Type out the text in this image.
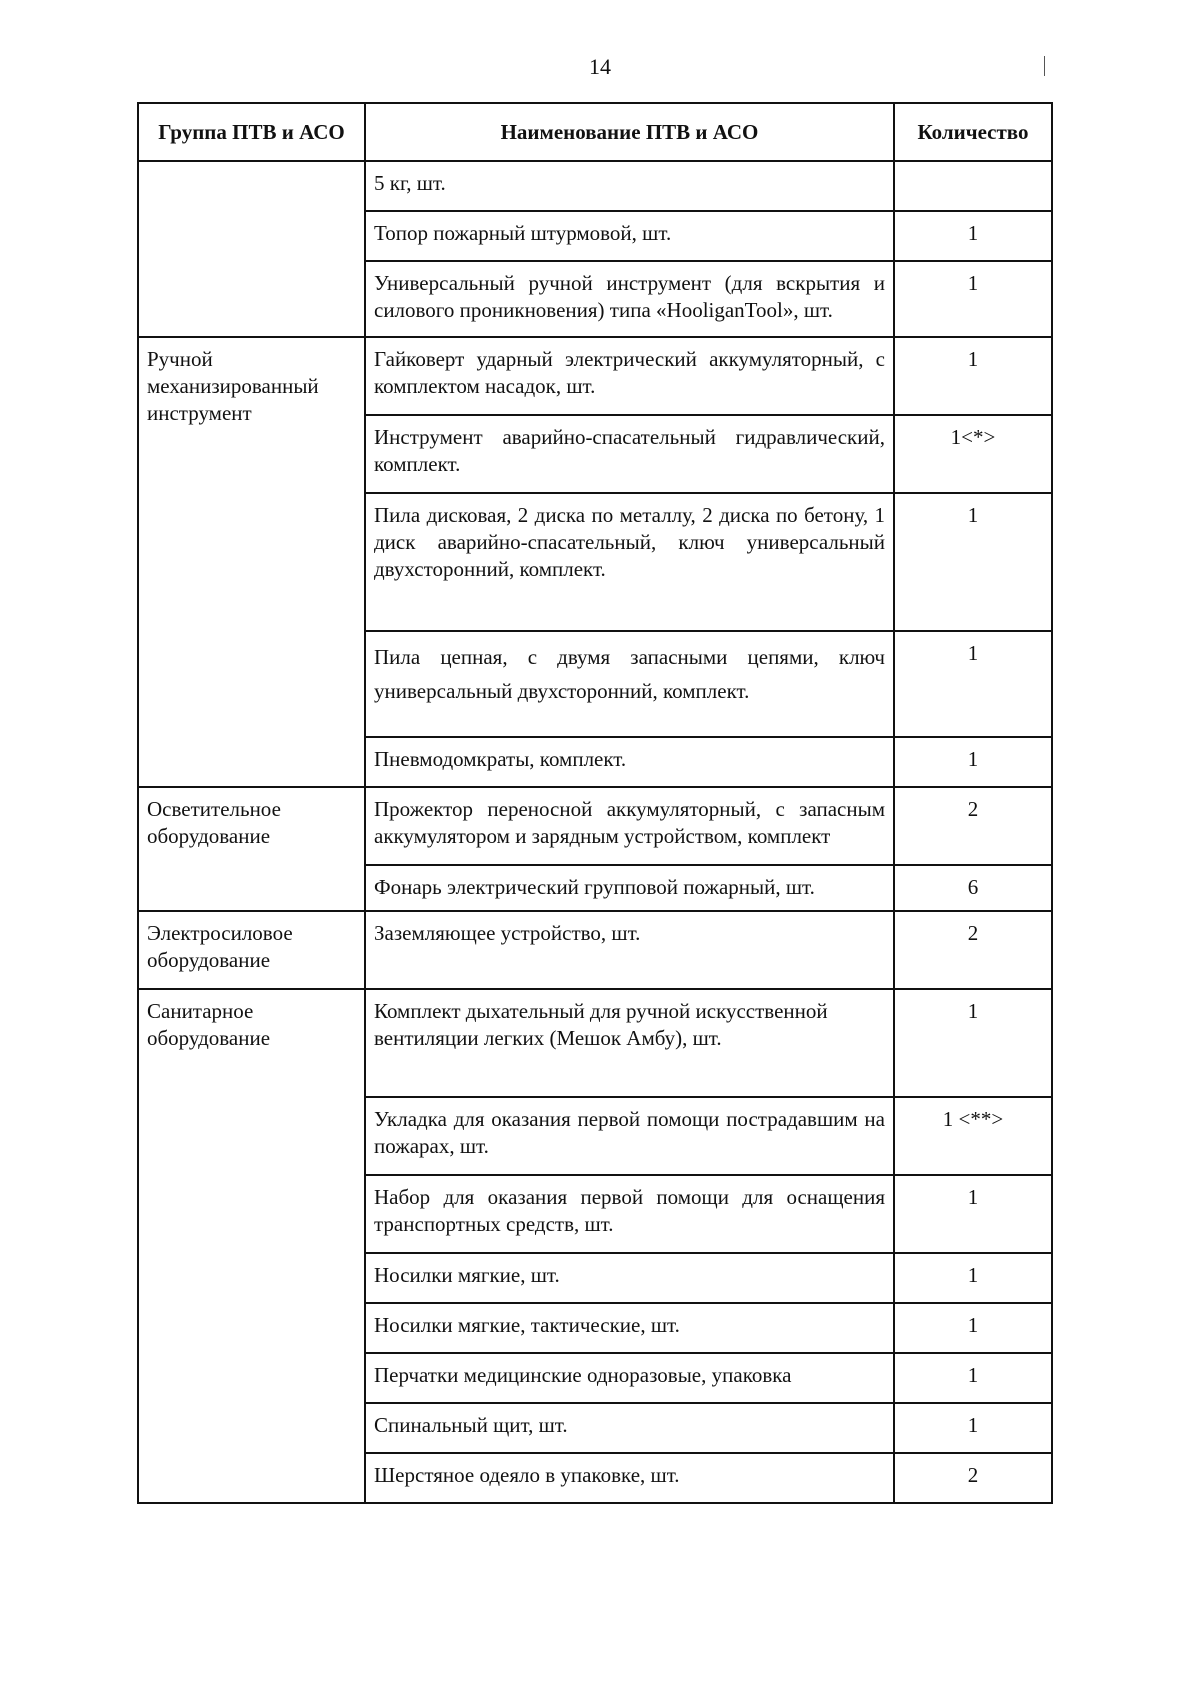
14
Группа ПТВ и АСО	Наименование ПТВ и АСО	Количество
	5 кг, шт.	
	Топор пожарный штурмовой, шт.	1
	Универсальный ручной инструмент (для вскрытия и силового проникновения) типа «HooliganTool», шт.	1
Ручной механизированный инструмент	Гайковерт ударный электрический аккумуляторный, с комплектом насадок, шт.	1
	Инструмент аварийно-спасательный гидравлический, комплект.	1<*>
	Пила дисковая, 2 диска по металлу, 2 диска по бетону, 1 диск аварийно-спасательный, ключ универсальный двухсторонний, комплект.	1
	Пила цепная, с двумя запасными цепями, ключ универсальный двухсторонний, комплект.	1
	Пневмодомкраты, комплект.	1
Осветительное оборудование	Прожектор переносной аккумуляторный, с запасным аккумулятором и зарядным устройством, комплект	2
	Фонарь электрический групповой пожарный, шт.	6
Электросиловое оборудование	Заземляющее устройство, шт.	2
Санитарное оборудование	Комплект дыхательный для ручной искусственной вентиляции легких (Мешок Амбу), шт.	1
	Укладка для оказания первой помощи пострадавшим на пожарах, шт.	1 <**>
	Набор для оказания первой помощи для оснащения транспортных средств, шт.	1
	Носилки мягкие, шт.	1
	Носилки мягкие, тактические, шт.	1
	Перчатки медицинские одноразовые, упаковка	1
	Спинальный щит, шт.	1
	Шерстяное одеяло в упаковке, шт.	2
